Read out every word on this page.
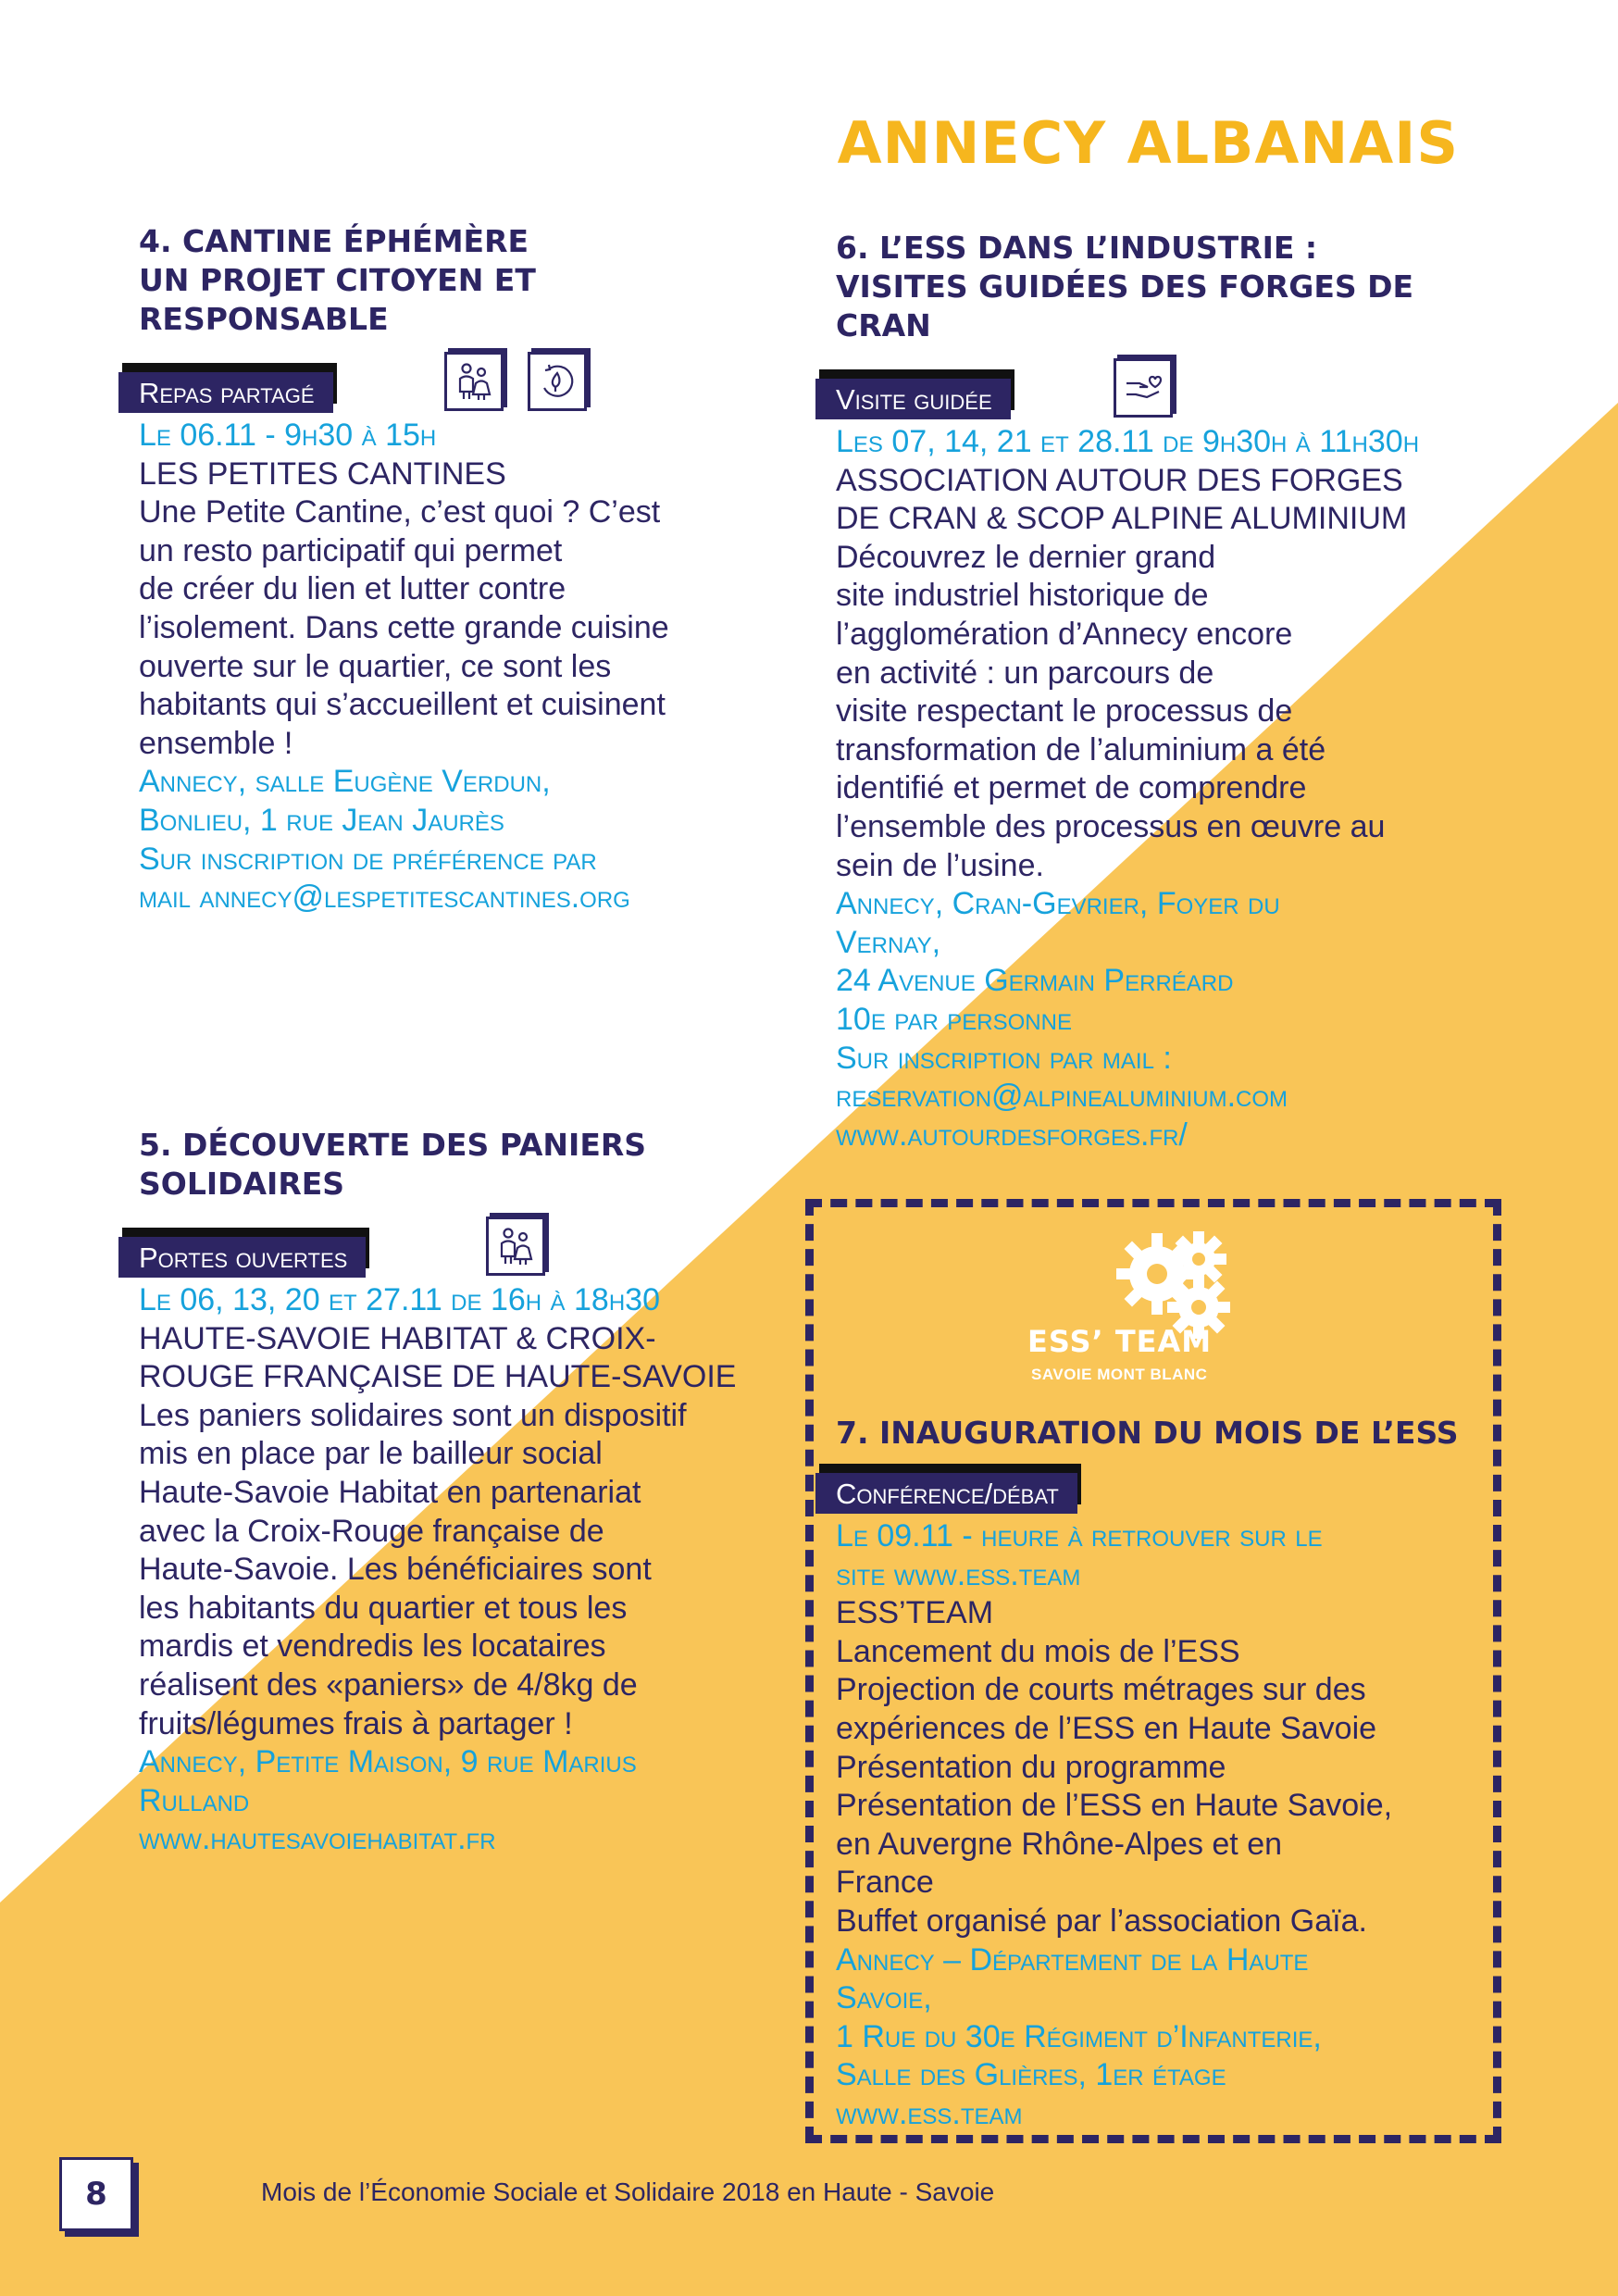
ANNECY ALBANAIS
4. CANTINE ÉPHÉMÈRE
UN PROJET CITOYEN ET
RESPONSABLE
Repas partagé
Le 06.11 - 9h30 à 15h
LES PETITES CANTINES
Une Petite Cantine, c’est quoi ? C’est
un resto participatif qui permet
de créer du lien et lutter contre
l’isolement. Dans cette grande cuisine
ouverte sur le quartier, ce sont les
habitants qui s’accueillent et cuisinent
ensemble !
Annecy, salle Eugène Verdun,
Bonlieu, 1 rue Jean Jaurès
Sur inscription de préférence par
mail annecy@lespetitescantines.org
5. DÉCOUVERTE DES PANIERS
SOLIDAIRES
Portes ouvertes
Le 06, 13, 20 et 27.11 de 16h à 18h30
HAUTE-SAVOIE HABITAT & CROIX-
ROUGE FRANÇAISE DE HAUTE-SAVOIE
Les paniers solidaires sont un dispositif
mis en place par le bailleur social
Haute-Savoie Habitat en partenariat
avec la Croix-Rouge française de
Haute-Savoie. Les bénéficiaires sont
les habitants du quartier et tous les
mardis et vendredis les locataires
réalisent des «paniers» de 4/8kg de
fruits/légumes frais à partager !
Annecy, Petite Maison, 9 rue Marius
Rulland
www.hautesavoiehabitat.fr
6. L’ESS DANS L’INDUSTRIE :
VISITES GUIDÉES DES FORGES DE
CRAN
Visite guidée
Les 07, 14, 21 et 28.11 de 9h30h à 11h30h
ASSOCIATION AUTOUR DES FORGES
DE CRAN & SCOP ALPINE ALUMINIUM
Découvrez le dernier grand
site industriel historique de
l’agglomération d’Annecy encore
en activité : un parcours de
visite respectant le processus de
transformation de l’aluminium a été
identifié et permet de comprendre
l’ensemble des processus en œuvre au
sein de l’usine.
Annecy, Cran-Gevrier, Foyer du
Vernay,
24 Avenue Germain Perréard
10e par personne
Sur inscription par mail :
reservation@alpinealuminium.com
www.autourdesforges.fr/
ESS’ TEAM
SAVOIE MONT BLANC
7. INAUGURATION DU MOIS DE L’ESS
Conférence/débat
Le 09.11 - heure à retrouver sur le
site www.ess.team
ESS’TEAM
Lancement du mois de l’ESS
Projection de courts métrages sur des
expériences de l’ESS en Haute Savoie
Présentation du programme
Présentation de l’ESS en Haute Savoie,
en Auvergne Rhône-Alpes et en
France
Buffet organisé par l’association Gaïa.
Annecy – Département de la Haute
Savoie,
1 Rue du 30e Régiment d’Infanterie,
Salle des Glières, 1er étage
www.ess.team
8	Mois de l’Économie Sociale et Solidaire 2018 en Haute - Savoie
